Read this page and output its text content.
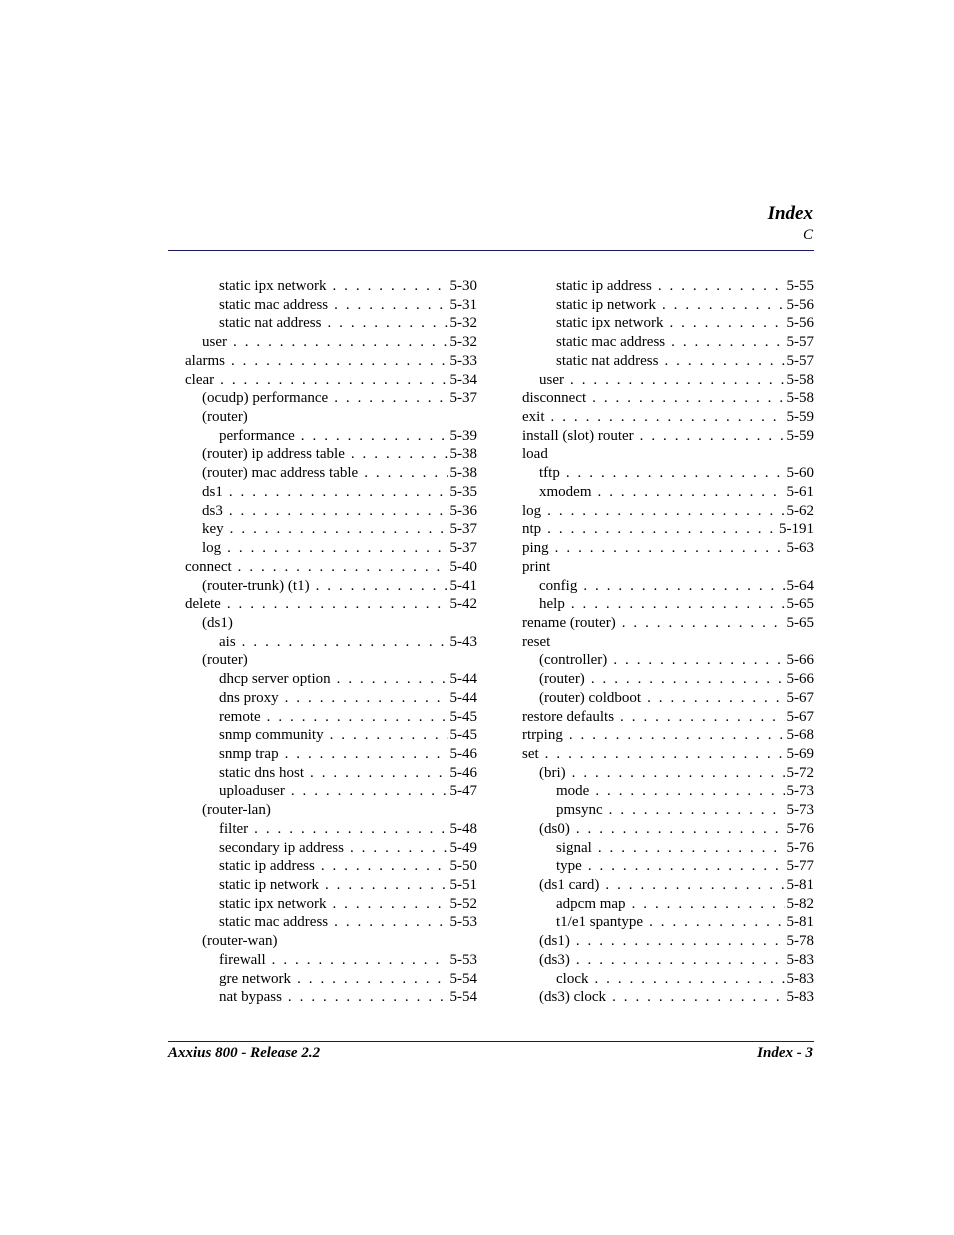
Index
C
static ipx network . . .	5-30
static mac address . . .	5-31
static nat address . . .	5-32
user . . .	5-32
alarms . . .	5-33
clear . . .	5-34
(ocudp) performance . . .	5-37
(router)
performance . . .	5-39
(router) ip address table . . .	5-38
(router) mac address table . . .	5-38
ds1 . . .	5-35
ds3 . . .	5-36
key . . .	5-37
log . . .	5-37
connect . . .	5-40
(router-trunk) (t1) . . .	5-41
delete . . .	5-42
(ds1)
ais . . .	5-43
(router)
dhcp server option . . .	5-44
dns proxy . . .	5-44
remote . . .	5-45
snmp community . . .	5-45
snmp trap . . .	5-46
static dns host . . .	5-46
uploaduser . . .	5-47
(router-lan)
filter . . .	5-48
secondary ip address . . .	5-49
static ip address . . .	5-50
static ip network . . .	5-51
static ipx network . . .	5-52
static mac address . . .	5-53
(router-wan)
firewall . . .	5-53
gre network . . .	5-54
nat bypass . . .	5-54
static ip address . . .	5-55
static ip network . . .	5-56
static ipx network . . .	5-56
static mac address . . .	5-57
static nat address . . .	5-57
user . . .	5-58
disconnect . . .	5-58
exit . . .	5-59
install (slot) router . . .	5-59
load
tftp . . .	5-60
xmodem . . .	5-61
log . . .	5-62
ntp . . .	5-191
ping . . .	5-63
print
config . . .	5-64
help . . .	5-65
rename (router) . . .	5-65
reset
(controller) . . .	5-66
(router) . . .	5-66
(router) coldboot . . .	5-67
restore defaults . . .	5-67
rtrping . . .	5-68
set . . .	5-69
(bri) . . .	5-72
mode . . .	5-73
pmsync . . .	5-73
(ds0) . . .	5-76
signal . . .	5-76
type . . .	5-77
(ds1 card) . . .	5-81
adpcm map . . .	5-82
t1/e1 spantype . . .	5-81
(ds1) . . .	5-78
(ds3) . . .	5-83
clock . . .	5-83
(ds3) clock . . .	5-83
Axxius 800 - Release 2.2	Index - 3
